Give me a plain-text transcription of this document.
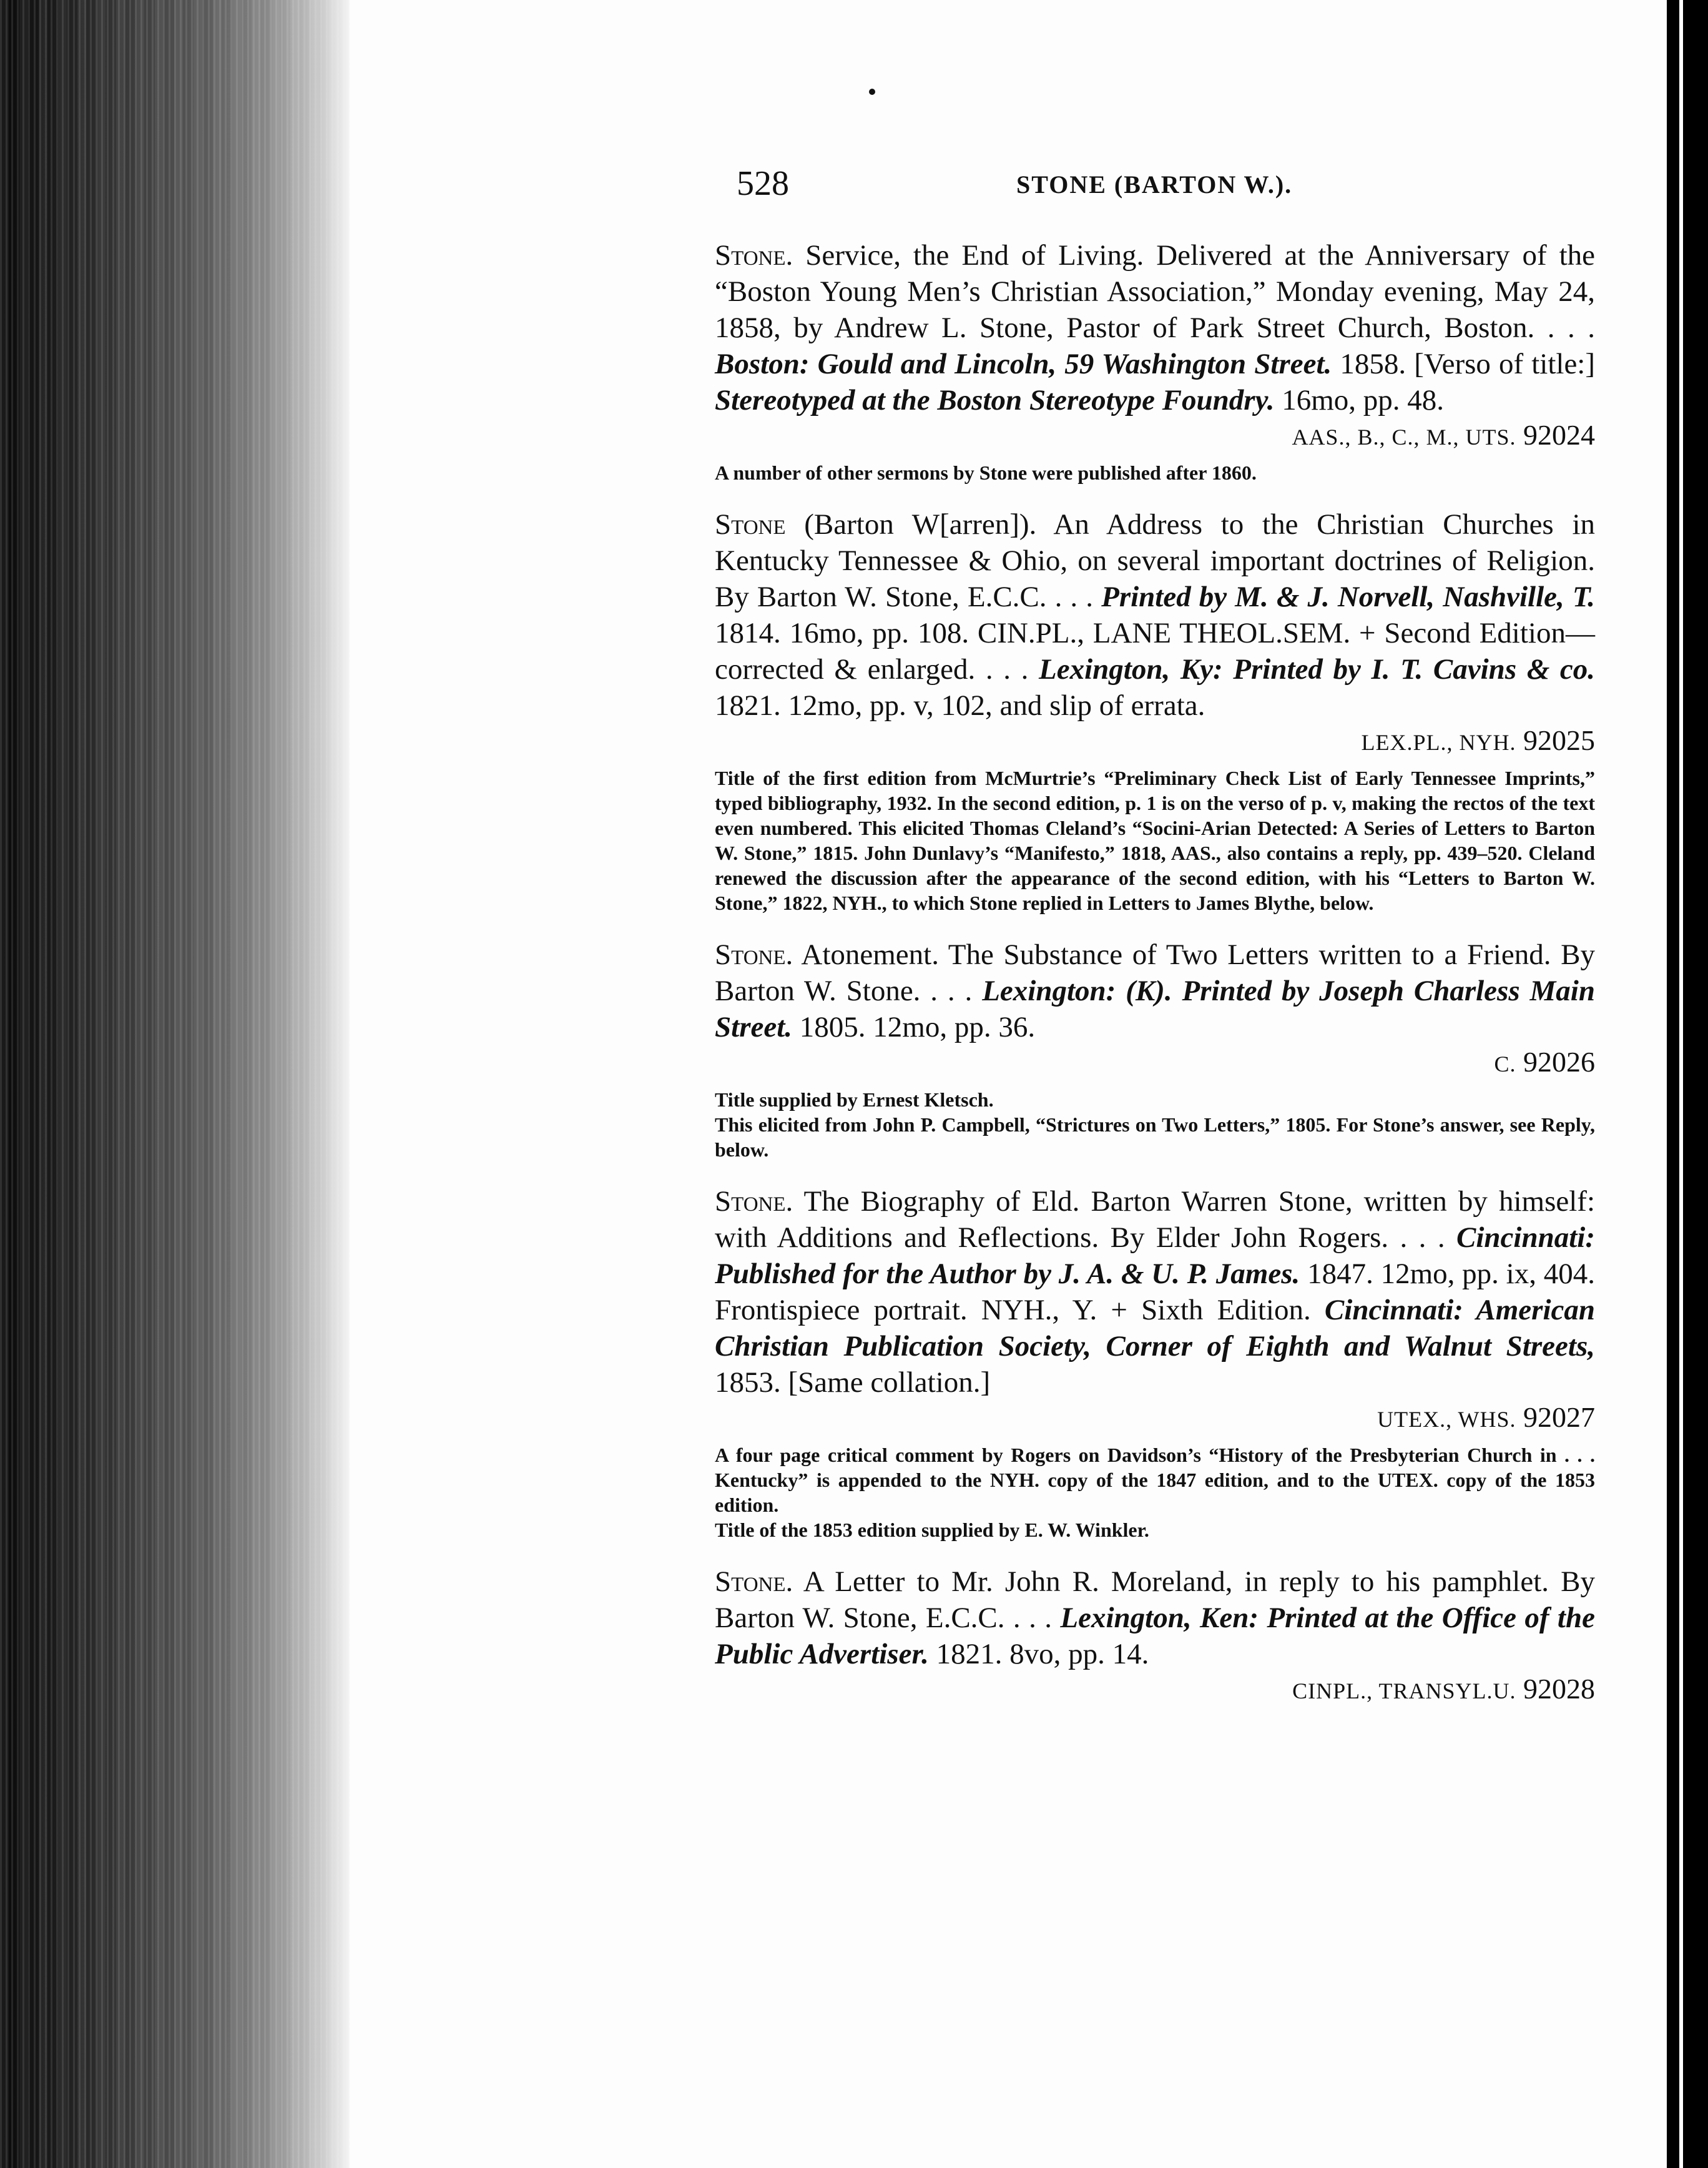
528	STONE (BARTON W.).

Stone. Service, the End of Living. Delivered at the Anniversary of the “Boston Young Men’s Christian Association,” Monday evening, May 24, 1858, by Andrew L. Stone, Pastor of Park Street Church, Boston. . . . Boston: Gould and Lincoln, 59 Washington Street. 1858. [Verso of title:] Stereotyped at the Boston Stereotype Foundry. 16mo, pp. 48.

AAS., B., C., M., UTS. 92024

A number of other sermons by Stone were published after 1860.

Stone (Barton W[arren]). An Address to the Christian Churches in Kentucky Tennessee & Ohio, on several important doctrines of Religion. By Barton W. Stone, E.C.C. . . . Printed by M. & J. Norvell, Nashville, T. 1814. 16mo, pp. 108. CIN.PL., LANE THEOL.SEM. + Second Edition—corrected & enlarged. . . . Lexington, Ky: Printed by I. T. Cavins & co. 1821. 12mo, pp. v, 102, and slip of errata.

LEX.PL., NYH. 92025

Title of the first edition from McMurtrie’s “Preliminary Check List of Early Tennessee Imprints,” typed bibliography, 1932. In the second edition, p. 1 is on the verso of p. v, making the rectos of the text even numbered. This elicited Thomas Cleland’s “Socini-Arian Detected: A Series of Letters to Barton W. Stone,” 1815. John Dunlavy’s “Manifesto,” 1818, AAS., also contains a reply, pp. 439–520. Cleland renewed the discussion after the appearance of the second edition, with his “Letters to Barton W. Stone,” 1822, NYH., to which Stone replied in Letters to James Blythe, below.

Stone. Atonement. The Substance of Two Letters written to a Friend. By Barton W. Stone. . . . Lexington: (K). Printed by Joseph Charless Main Street. 1805. 12mo, pp. 36.

C. 92026

Title supplied by Ernest Kletsch.

This elicited from John P. Campbell, “Strictures on Two Letters,” 1805. For Stone’s answer, see Reply, below.

Stone. The Biography of Eld. Barton Warren Stone, written by himself: with Additions and Reflections. By Elder John Rogers. . . . Cincinnati: Published for the Author by J. A. & U. P. James. 1847. 12mo, pp. ix, 404. Frontispiece portrait. NYH., Y. + Sixth Edition. Cincinnati: American Christian Publication Society, Corner of Eighth and Walnut Streets, 1853. [Same collation.]

UTEX., WHS. 92027

A four page critical comment by Rogers on Davidson’s “History of the Presbyterian Church in . . . Kentucky” is appended to the NYH. copy of the 1847 edition, and to the UTEX. copy of the 1853 edition.

Title of the 1853 edition supplied by E. W. Winkler.

Stone. A Letter to Mr. John R. Moreland, in reply to his pamphlet. By Barton W. Stone, E.C.C. . . . Lexington, Ken: Printed at the Office of the Public Advertiser. 1821. 8vo, pp. 14.

CINPL., TRANSYL.U. 92028
